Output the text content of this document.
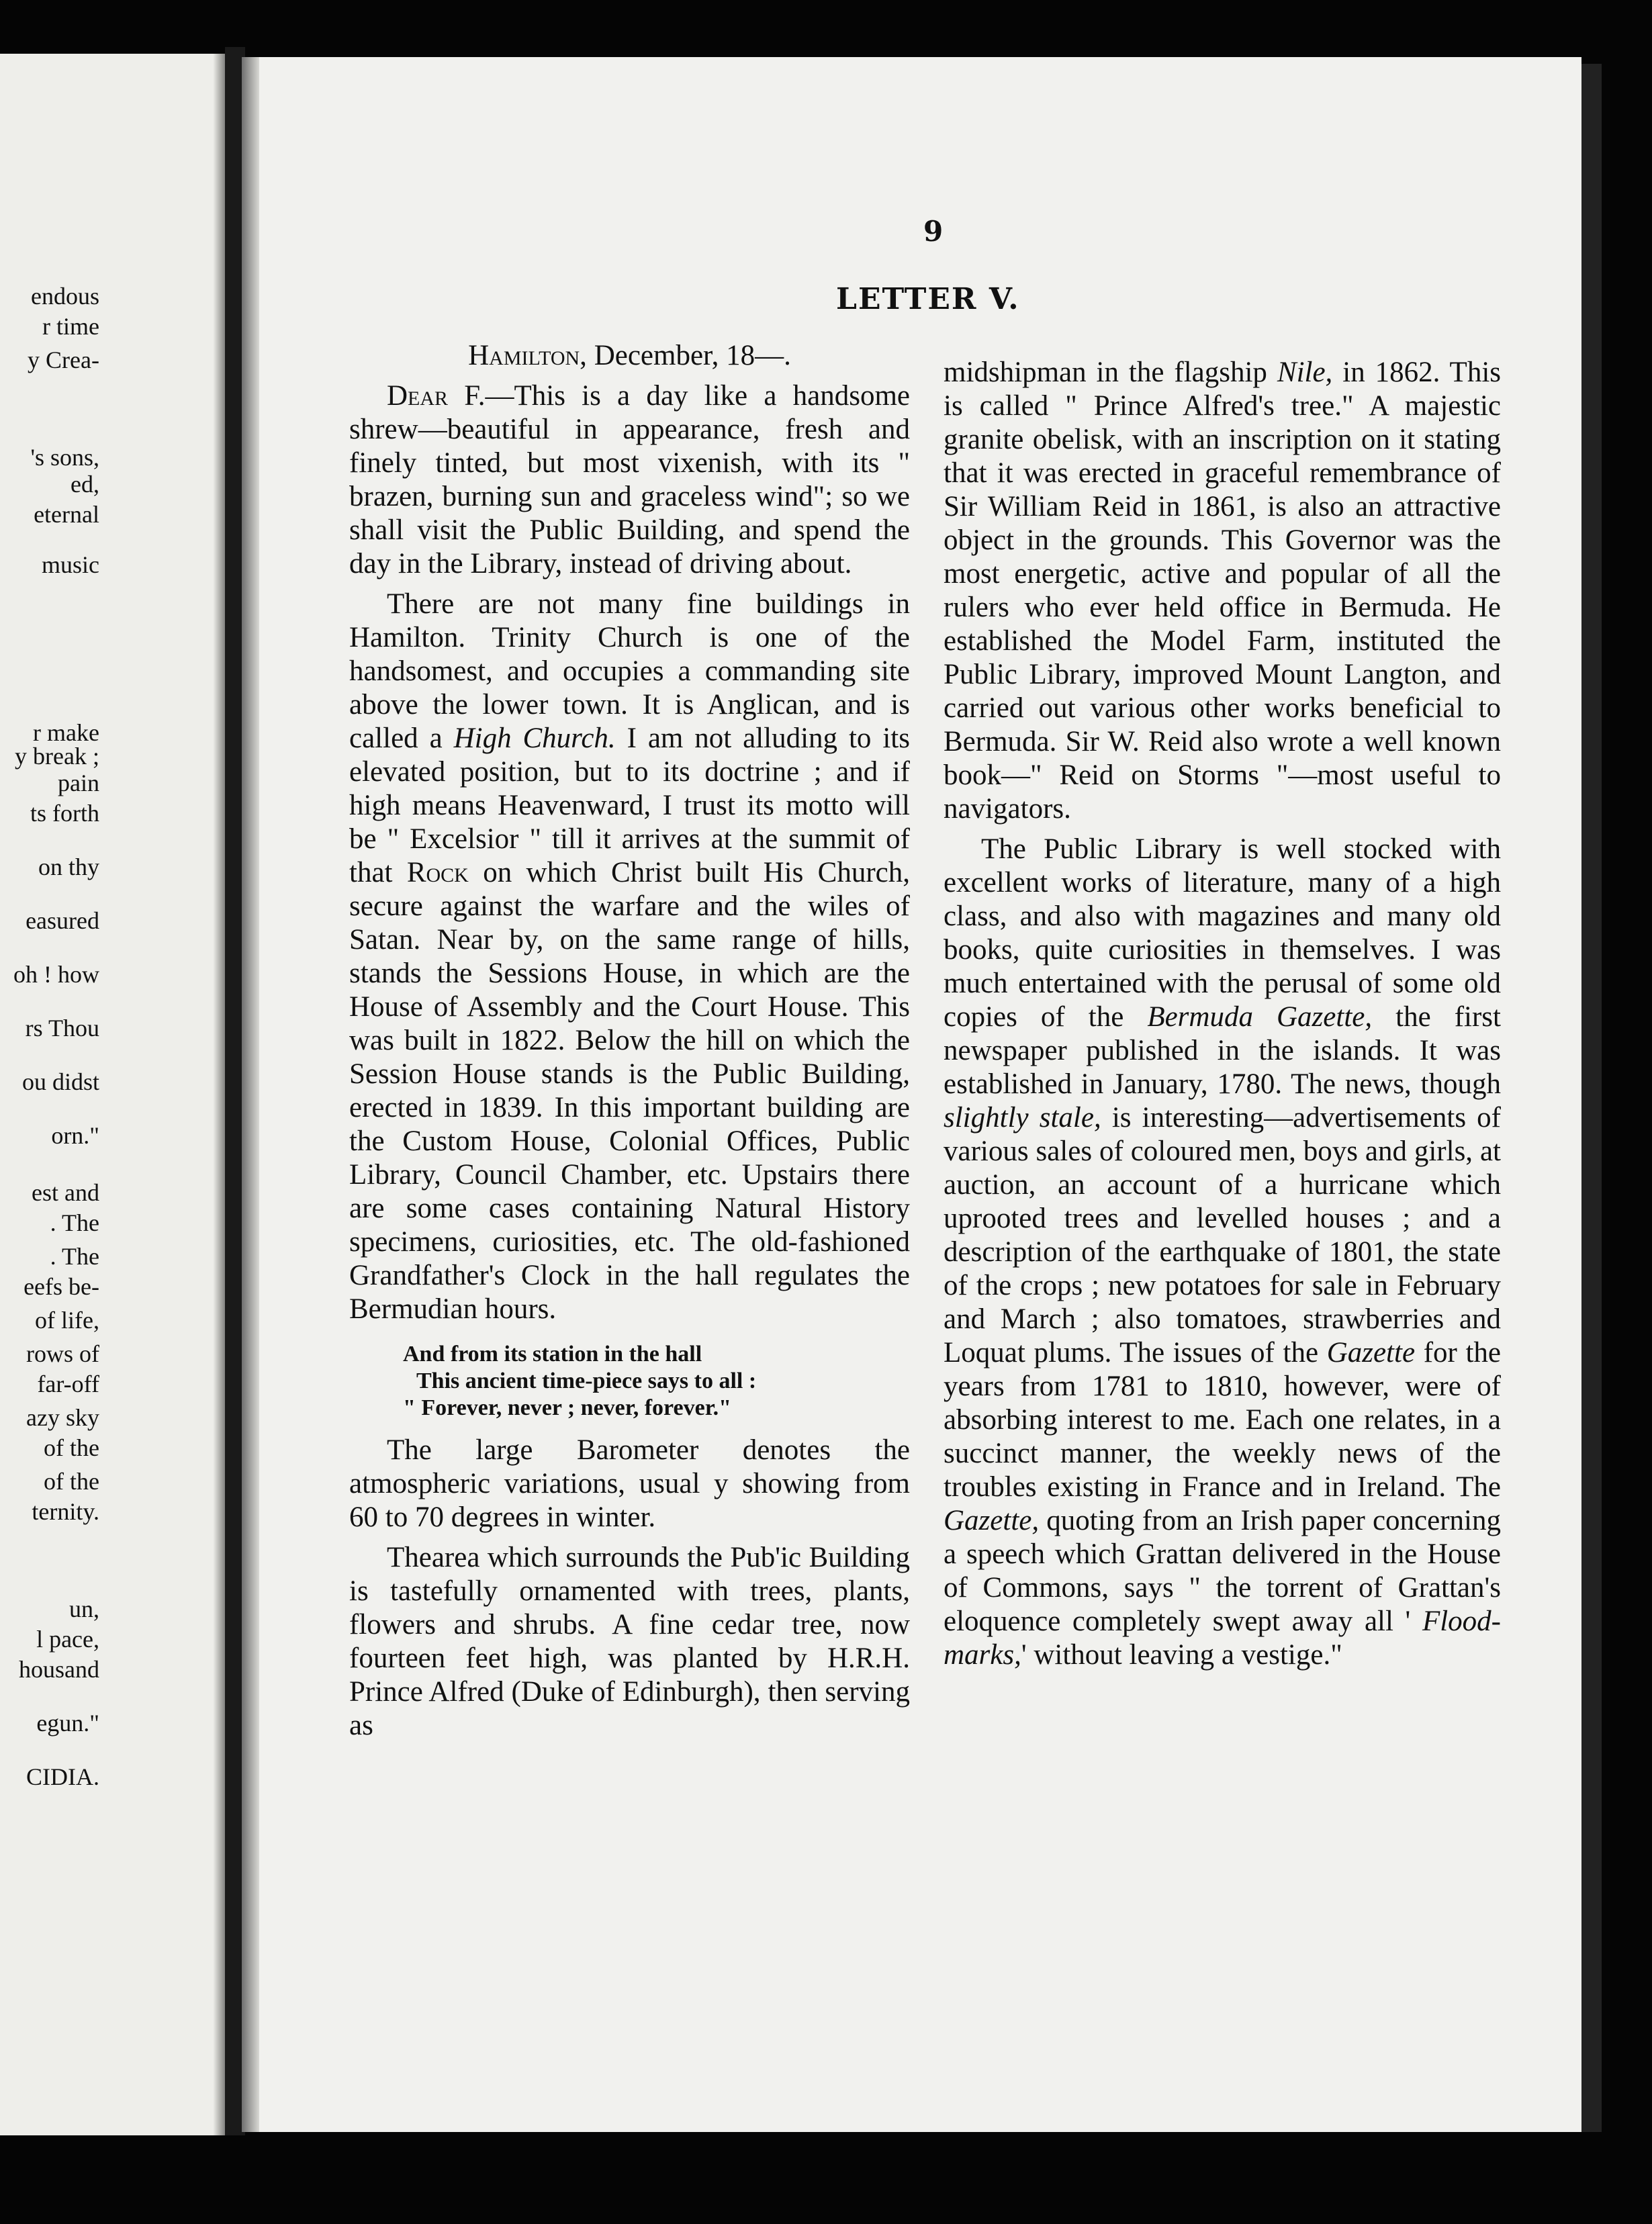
endous
r time
y Crea-
's sons,
ed,
eternal
music
r make
y break ;
pain
ts forth
on thy
easured
oh ! how
rs Thou
ou didst
orn."
est and
. The
. The
eefs be-
of life,
rows of
far-off
azy sky
of the
of the
ternity.
un,
l pace,
housand
egun."
CIDIA.
9
LETTER V.

Hamilton, December, 18—.

Dear F.—This is a day like a handsome shrew—beautiful in appearance, fresh and finely tinted, but most vixenish, with its " brazen, burning sun and graceless wind"; so we shall visit the Public Building, and spend the day in the Library, instead of driving about.

There are not many fine buildings in Hamilton. Trinity Church is one of the handsomest, and occupies a commanding site above the lower town. It is Anglican, and is called a High Church. I am not alluding to its elevated position, but to its doctrine ; and if high means Heavenward, I trust its motto will be " Excelsior " till it arrives at the summit of that Rock on which Christ built His Church, secure against the warfare and the wiles of Satan. Near by, on the same range of hills, stands the Sessions House, in which are the House of Assembly and the Court House. This was built in 1822. Below the hill on which the Session House stands is the Public Building, erected in 1839. In this important building are the Custom House, Colonial Offices, Public Library, Council Chamber, etc. Upstairs there are some cases containing Natural History specimens, curiosities, etc. The old-fashioned Grandfather's Clock in the hall regulates the Bermudian hours.

And from its station in the hall
This ancient time-piece says to all :
" Forever, never ; never, forever."

The large Barometer denotes the atmospheric variations, usual y showing from 60 to 70 degrees in winter.

Thearea which surrounds the Pub'ic Building is tastefully ornamented with trees, plants, flowers and shrubs. A fine cedar tree, now fourteen feet high, was planted by H.R.H. Prince Alfred (Duke of Edinburgh), then serving as

midshipman in the flagship Nile, in 1862. This is called " Prince Alfred's tree." A majestic granite obelisk, with an inscription on it stating that it was erected in graceful remembrance of Sir William Reid in 1861, is also an attractive object in the grounds. This Governor was the most energetic, active and popular of all the rulers who ever held office in Bermuda. He established the Model Farm, instituted the Public Library, improved Mount Langton, and carried out various other works beneficial to Bermuda. Sir W. Reid also wrote a well known book—" Reid on Storms "—most useful to navigators.

The Public Library is well stocked with excellent works of literature, many of a high class, and also with magazines and many old books, quite curiosities in themselves. I was much entertained with the perusal of some old copies of the Bermuda Gazette, the first newspaper published in the islands. It was established in January, 1780. The news, though slightly stale, is interesting—advertisements of various sales of coloured men, boys and girls, at auction, an account of a hurricane which uprooted trees and levelled houses ; and a description of the earthquake of 1801, the state of the crops ; new potatoes for sale in February and March ; also tomatoes, strawberries and Loquat plums. The issues of the Gazette for the years from 1781 to 1810, however, were of absorbing interest to me. Each one relates, in a succinct manner, the weekly news of the troubles existing in France and in Ireland. The Gazette, quoting from an Irish paper concerning a speech which Grattan delivered in the House of Commons, says " the torrent of Grattan's eloquence completely swept away all ' Flood-marks,' without leaving a vestige."
